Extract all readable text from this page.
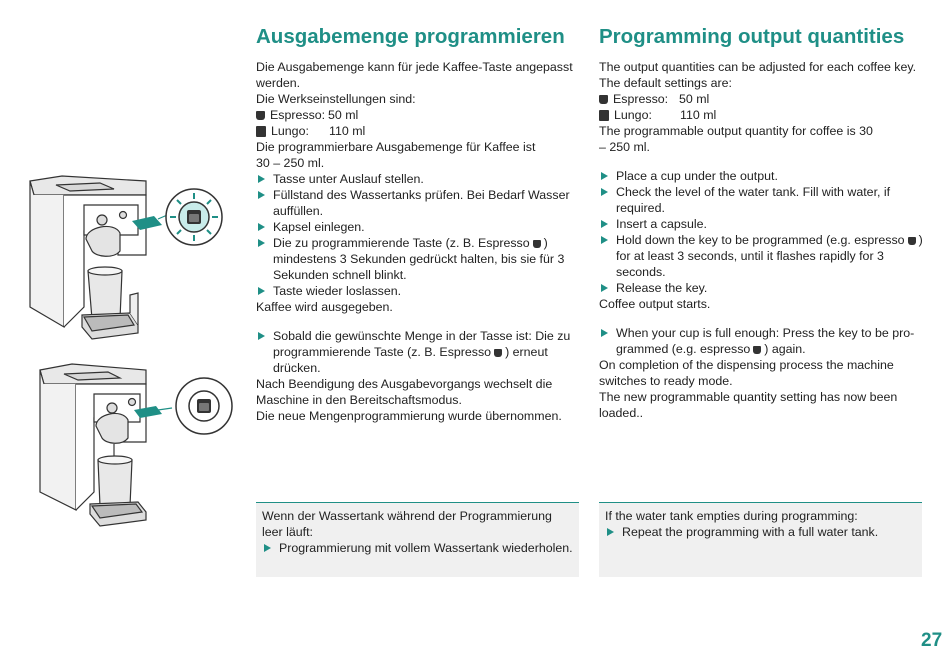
Ausgabemenge programmieren

Die Ausgabemenge kann für jede Kaffee-Taste angepasst werden.

Die Werkseinstellungen sind:

Espresso: 50 ml
Lungo:	110 ml

Die programmierbare Ausgabemenge für Kaffee ist 30 – 250 ml.

Tasse unter Auslauf stellen.
Füllstand des Wassertanks prüfen. Bei Bedarf Wasser auffüllen.
Kapsel einlegen.
Die zu programmierende Taste (z. B. Espresso ) mindestens 3 Sekunden gedrückt halten, bis sie für 3 Sekunden schnell blinkt.
Taste wieder loslassen.

Kaffee wird ausgegeben.

Sobald die gewünschte Menge in der Tasse ist: Die zu programmierende Taste (z. B. Espresso ) erneut drücken.

Nach Beendigung des Ausgabevorgangs wechselt die Maschine in den Bereitschaftsmodus.

Die neue Mengenprogrammierung wurde übernommen.

Programming output quantities

The output quantities can be adjusted for each coffee key.

The default settings are:

Espresso: 50 ml
Lungo:	110 ml

The programmable output quantity for coffee is 30 – 250 ml.

Place a cup under the output.
Check the level of the water tank. Fill with water, if required.
Insert a capsule.
Hold down the key to be programmed (e.g. espresso ) for at least 3 seconds, until it flashes rapidly for 3 seconds.
Release the key.

Coffee output starts.

When your cup is full enough: Press the key to be pro-grammed (e.g. espresso ) again.

On completion of the dispensing process the machine switches to ready mode.

The new programmable quantity setting has now been loaded..

Wenn der Wassertank während der Programmierung leer läuft:

Programmierung mit vollem Wassertank wiederholen.

If the water tank empties during programming:

Repeat the programming with a full water tank.
27
